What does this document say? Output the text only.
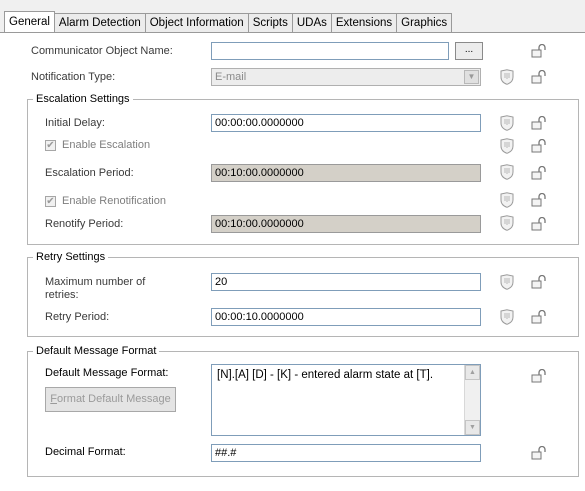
General Alarm Detection Object Information Scripts UDAs Extensions Graphics
Communicator Object Name:	...
Notification Type:	E-mail	▼
Escalation Settings
Initial Delay:	00:00:00.0000000
✔ Enable Escalation
Escalation Period:	00:10:00.0000000
✔ Enable Renotification
Renotify Period:	00:10:00.0000000
Retry Settings
Maximum number of
retries:
20
Retry Period:	00:00:10.0000000
Default Message Format
Default Message Format:	[N].[A] [D] - [K] - entered alarm state at [T].	▲
▼
Format Default Message
Decimal Format:	##.#
